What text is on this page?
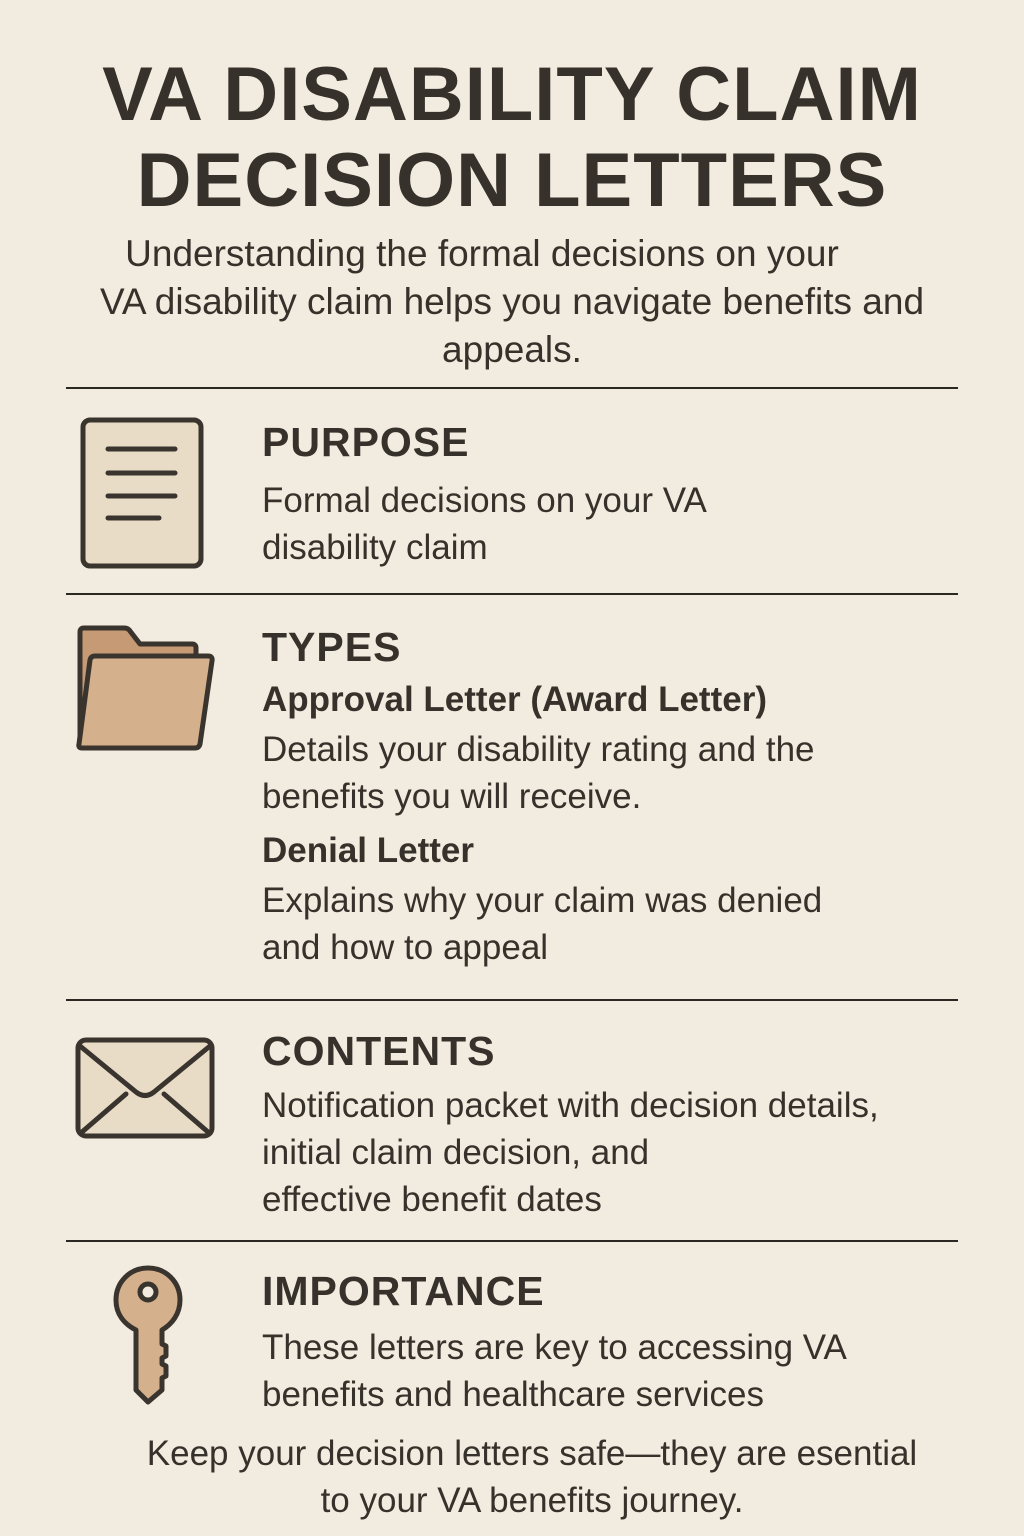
VA DISABILITY CLAIM
DECISION LETTERS

Understanding the formal decisions on your
VA disability claim helps you navigate benefits and
appeals.

PURPOSE

Formal decisions on your VA
disability claim

TYPES
Approval Letter (Award Letter)

Details your disability rating and the
benefits you will receive.

Denial Letter

Explains why your claim was denied
and how to appeal

CONTENTS

Notification packet with decision details,
initial claim decision, and
effective benefit dates

IMPORTANCE

These letters are key to accessing VA
benefits and healthcare services

Keep your decision letters safe—they are esential
to your VA benefits journey.
